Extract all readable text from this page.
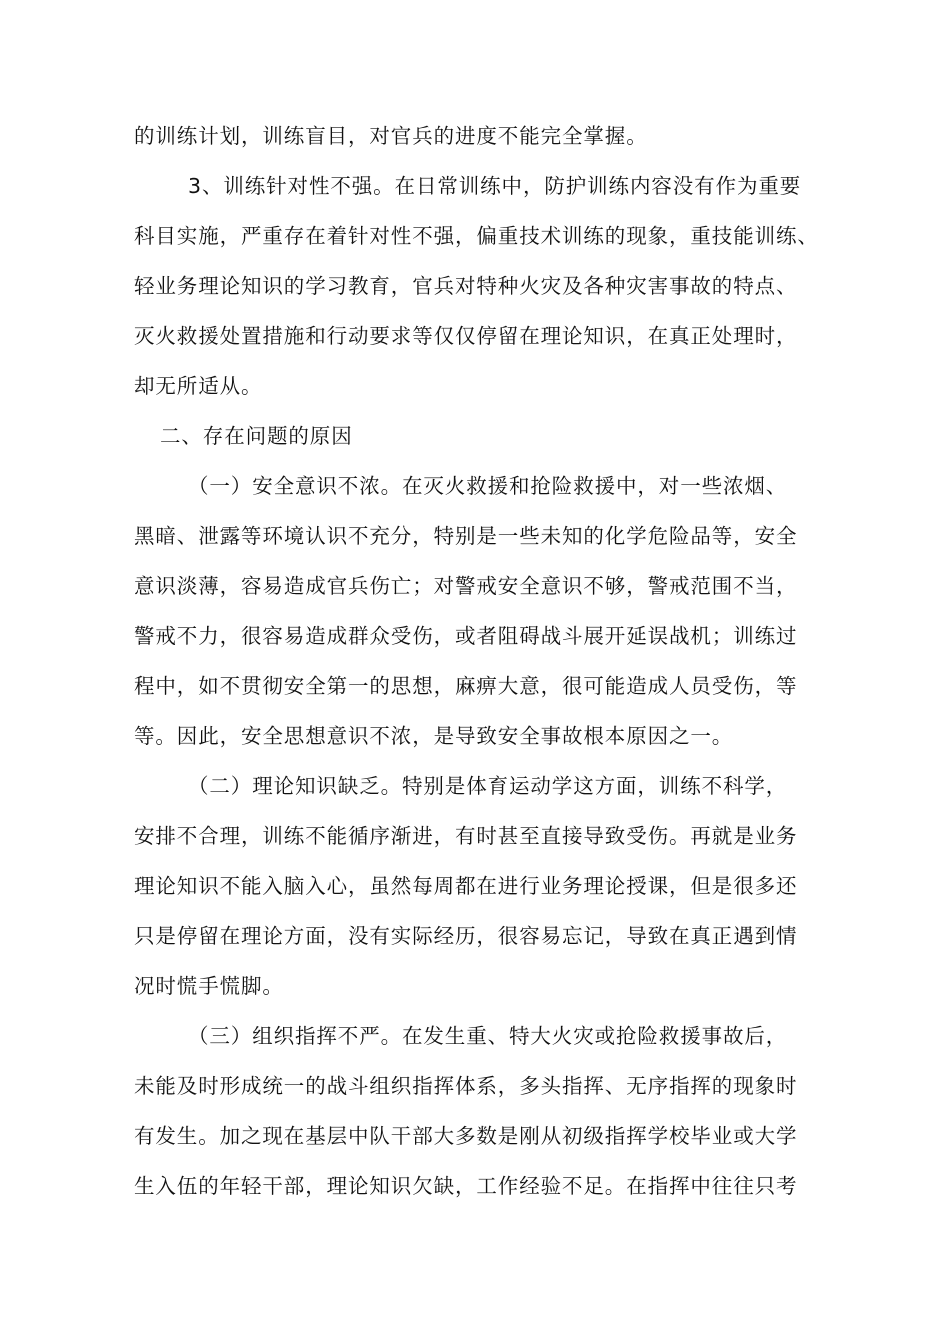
的训练计划，训练盲目，对官兵的进度不能完全掌握。
3、训练针对性不强。在日常训练中，防护训练内容没有作为重要
科目实施，严重存在着针对性不强，偏重技术训练的现象，重技能训练、
轻业务理论知识的学习教育，官兵对特种火灾及各种灾害事故的特点、
灭火救援处置措施和行动要求等仅仅停留在理论知识，在真正处理时，
却无所适从。
二、存在问题的原因
（一）安全意识不浓。在灭火救援和抢险救援中，对一些浓烟、
黑暗、泄露等环境认识不充分，特别是一些未知的化学危险品等，安全
意识淡薄，容易造成官兵伤亡；对警戒安全意识不够，警戒范围不当，
警戒不力，很容易造成群众受伤，或者阻碍战斗展开延误战机；训练过
程中，如不贯彻安全第一的思想，麻痹大意，很可能造成人员受伤，等
等。因此，安全思想意识不浓，是导致安全事故根本原因之一。
（二）理论知识缺乏。特别是体育运动学这方面，训练不科学，
安排不合理，训练不能循序渐进，有时甚至直接导致受伤。再就是业务
理论知识不能入脑入心，虽然每周都在进行业务理论授课，但是很多还
只是停留在理论方面，没有实际经历，很容易忘记，导致在真正遇到情
况时慌手慌脚。
（三）组织指挥不严。在发生重、特大火灾或抢险救援事故后，
未能及时形成统一的战斗组织指挥体系，多头指挥、无序指挥的现象时
有发生。加之现在基层中队干部大多数是刚从初级指挥学校毕业或大学
生入伍的年轻干部，理论知识欠缺，工作经验不足。在指挥中往往只考
